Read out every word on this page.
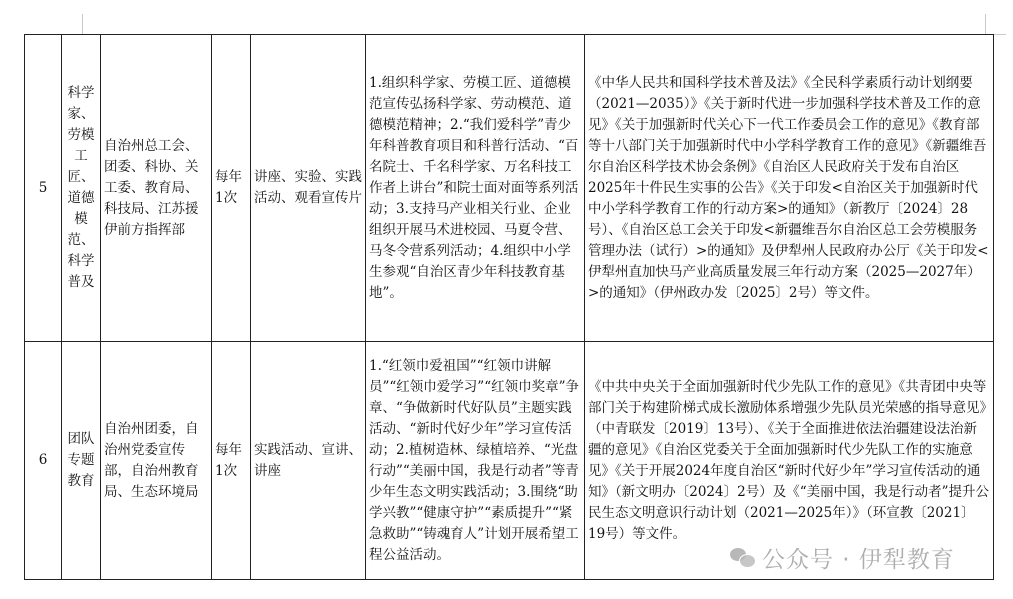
5	科学家、劳模工匠、道德模范、科学普及	自治州总工会、团委、科协、关工委、教育局、科技局、江苏援伊前方指挥部	每年1次	讲座、实验、实践活动、观看宣传片	1.组织科学家、劳模工匠、道德模范宣传弘扬科学家、劳动模范、道德模范精神；2.“我们爱科学”青少年科普教育项目和科普行活动、“百名院士、千名科学家、万名科技工作者上讲台”和院士面对面等系列活动；3.支持马产业相关行业、企业组织开展马术进校园、马夏令营、马冬令营系列活动；4.组织中小学生参观“自治区青少年科技教育基地”。	《中华人民共和国科学技术普及法》《全民科学素质行动计划纲要（2021—2035）》《关于新时代进一步加强科学技术普及工作的意见》《关于加强新时代关心下一代工作委员会工作的意见》《教育部等十八部门关于加强新时代中小学科学教育工作的意见》《新疆维吾尔自治区科学技术协会条例》《自治区人民政府关于发布自治区2025年十件民生实事的公告》《关于印发<自治区关于加强新时代中小学科学教育工作的行动方案>的通知》（新教厅〔2024〕28号）、《自治区总工会关于印发<新疆维吾尔自治区总工会劳模服务管理办法（试行）>的通知》及伊犁州人民政府办公厅《关于印发<伊犁州直加快马产业高质量发展三年行动方案（2025—2027年）>的通知》（伊州政办发〔2025〕2号）等文件。
6	团队专题教育	自治州团委，自治州党委宣传部，自治州教育局、生态环境局	每年1次	实践活动、宣讲、讲座	1.“红领巾爱祖国”“红领巾讲解员”“红领巾爱学习”“红领巾奖章”争章、“争做新时代好队员”主题实践活动、“新时代好少年”学习宣传活动；2.植树造林、绿植培养、“光盘行动”“美丽中国，我是行动者”等青少年生态文明实践活动；3.围绕“助学兴教”“健康守护”“素质提升”“紧急救助”“铸魂育人”计划开展希望工程公益活动。	《中共中央关于全面加强新时代少先队工作的意见》《共青团中央等部门关于构建阶梯式成长激励体系增强少先队员光荣感的指导意见》（中青联发〔2019〕13号）、《关于全面推进依法治疆建设法治新疆的意见》《自治区党委关于全面加强新时代少先队工作的实施意见》《关于开展2024年度自治区“新时代好少年”学习宣传活动的通知》（新文明办〔2024〕2号）及《“美丽中国，我是行动者”提升公民生态文明意识行动计划（2021—2025年）》（环宣教〔2021〕19号）等文件。
公众号 · 伊犁教育
